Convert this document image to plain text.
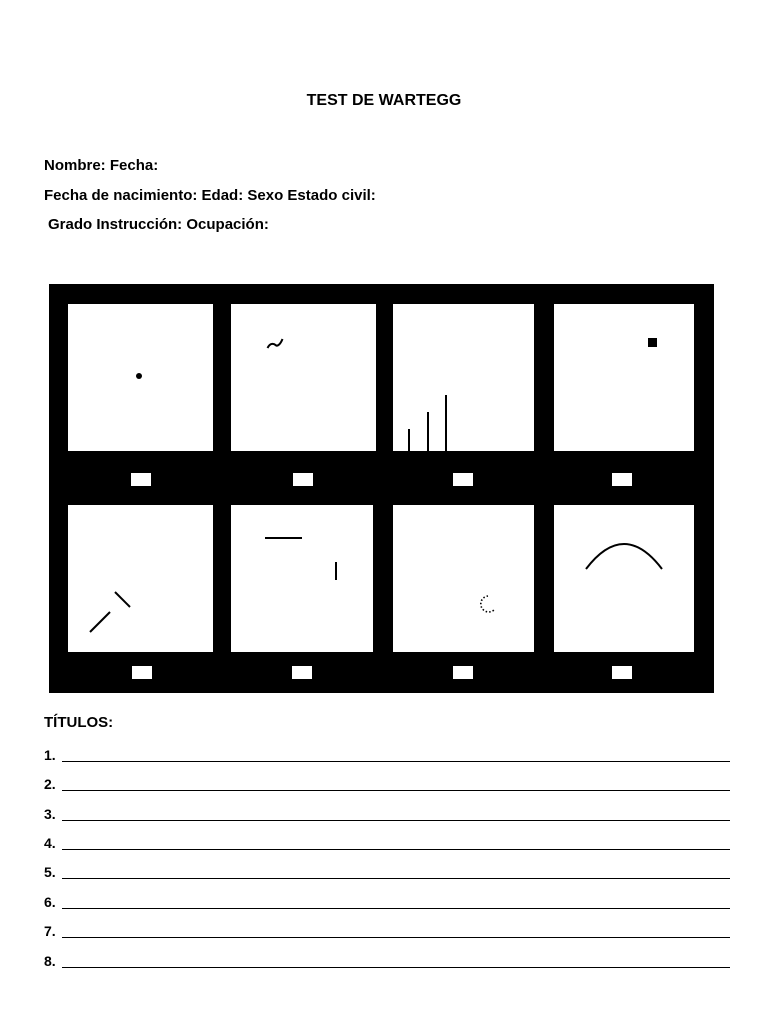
TEST DE WARTEGG
Nombre: Fecha:
Fecha de nacimiento: Edad: Sexo Estado civil:
Grado Instrucción: Ocupación:
TÍTULOS:
1.
2.
3.
4.
5.
6.
7.
8.
